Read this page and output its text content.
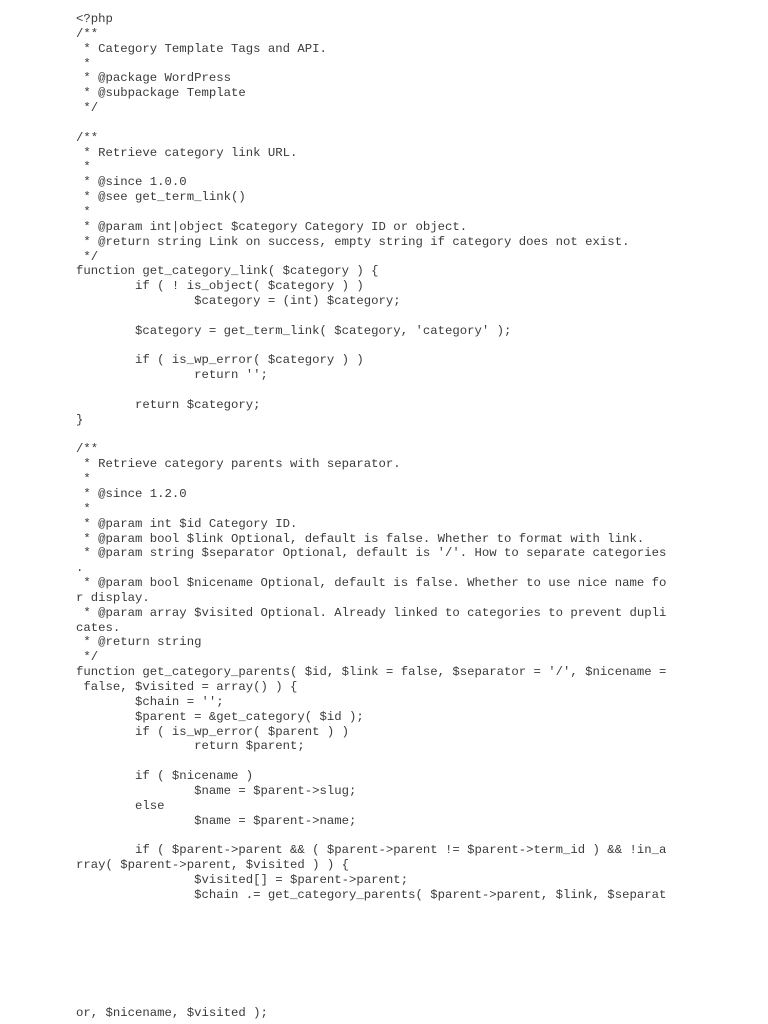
<?php
/**
* Category Template Tags and API.
*
* @package WordPress
* @subpackage Template
*/
/**
* Retrieve category link URL.
*
* @since 1.0.0
* @see get_term_link()
*
* @param int|object $category Category ID or object.
* @return string Link on success, empty string if category does not exist.
*/
function get_category_link( $category ) {
if ( ! is_object( $category ) )
$category = (int) $category;
$category = get_term_link( $category, 'category' );
if ( is_wp_error( $category ) )
return '';
return $category;
}
/**
* Retrieve category parents with separator.
*
* @since 1.2.0
*
* @param int $id Category ID.
* @param bool $link Optional, default is false. Whether to format with link.
* @param string $separator Optional, default is '/'. How to separate categories
.
* @param bool $nicename Optional, default is false. Whether to use nice name fo
r display.
* @param array $visited Optional. Already linked to categories to prevent dupli
cates.
* @return string
*/
function get_category_parents( $id, $link = false, $separator = '/', $nicename =
false, $visited = array() ) {
$chain = '';
$parent = &get_category( $id );
if ( is_wp_error( $parent ) )
return $parent;
if ( $nicename )
$name = $parent->slug;
else
$name = $parent->name;
if ( $parent->parent && ( $parent->parent != $parent->term_id ) && !in_a
rray( $parent->parent, $visited ) ) {
$visited[] = $parent->parent;
$chain .= get_category_parents( $parent->parent, $link, $separat
or, $nicename, $visited );
